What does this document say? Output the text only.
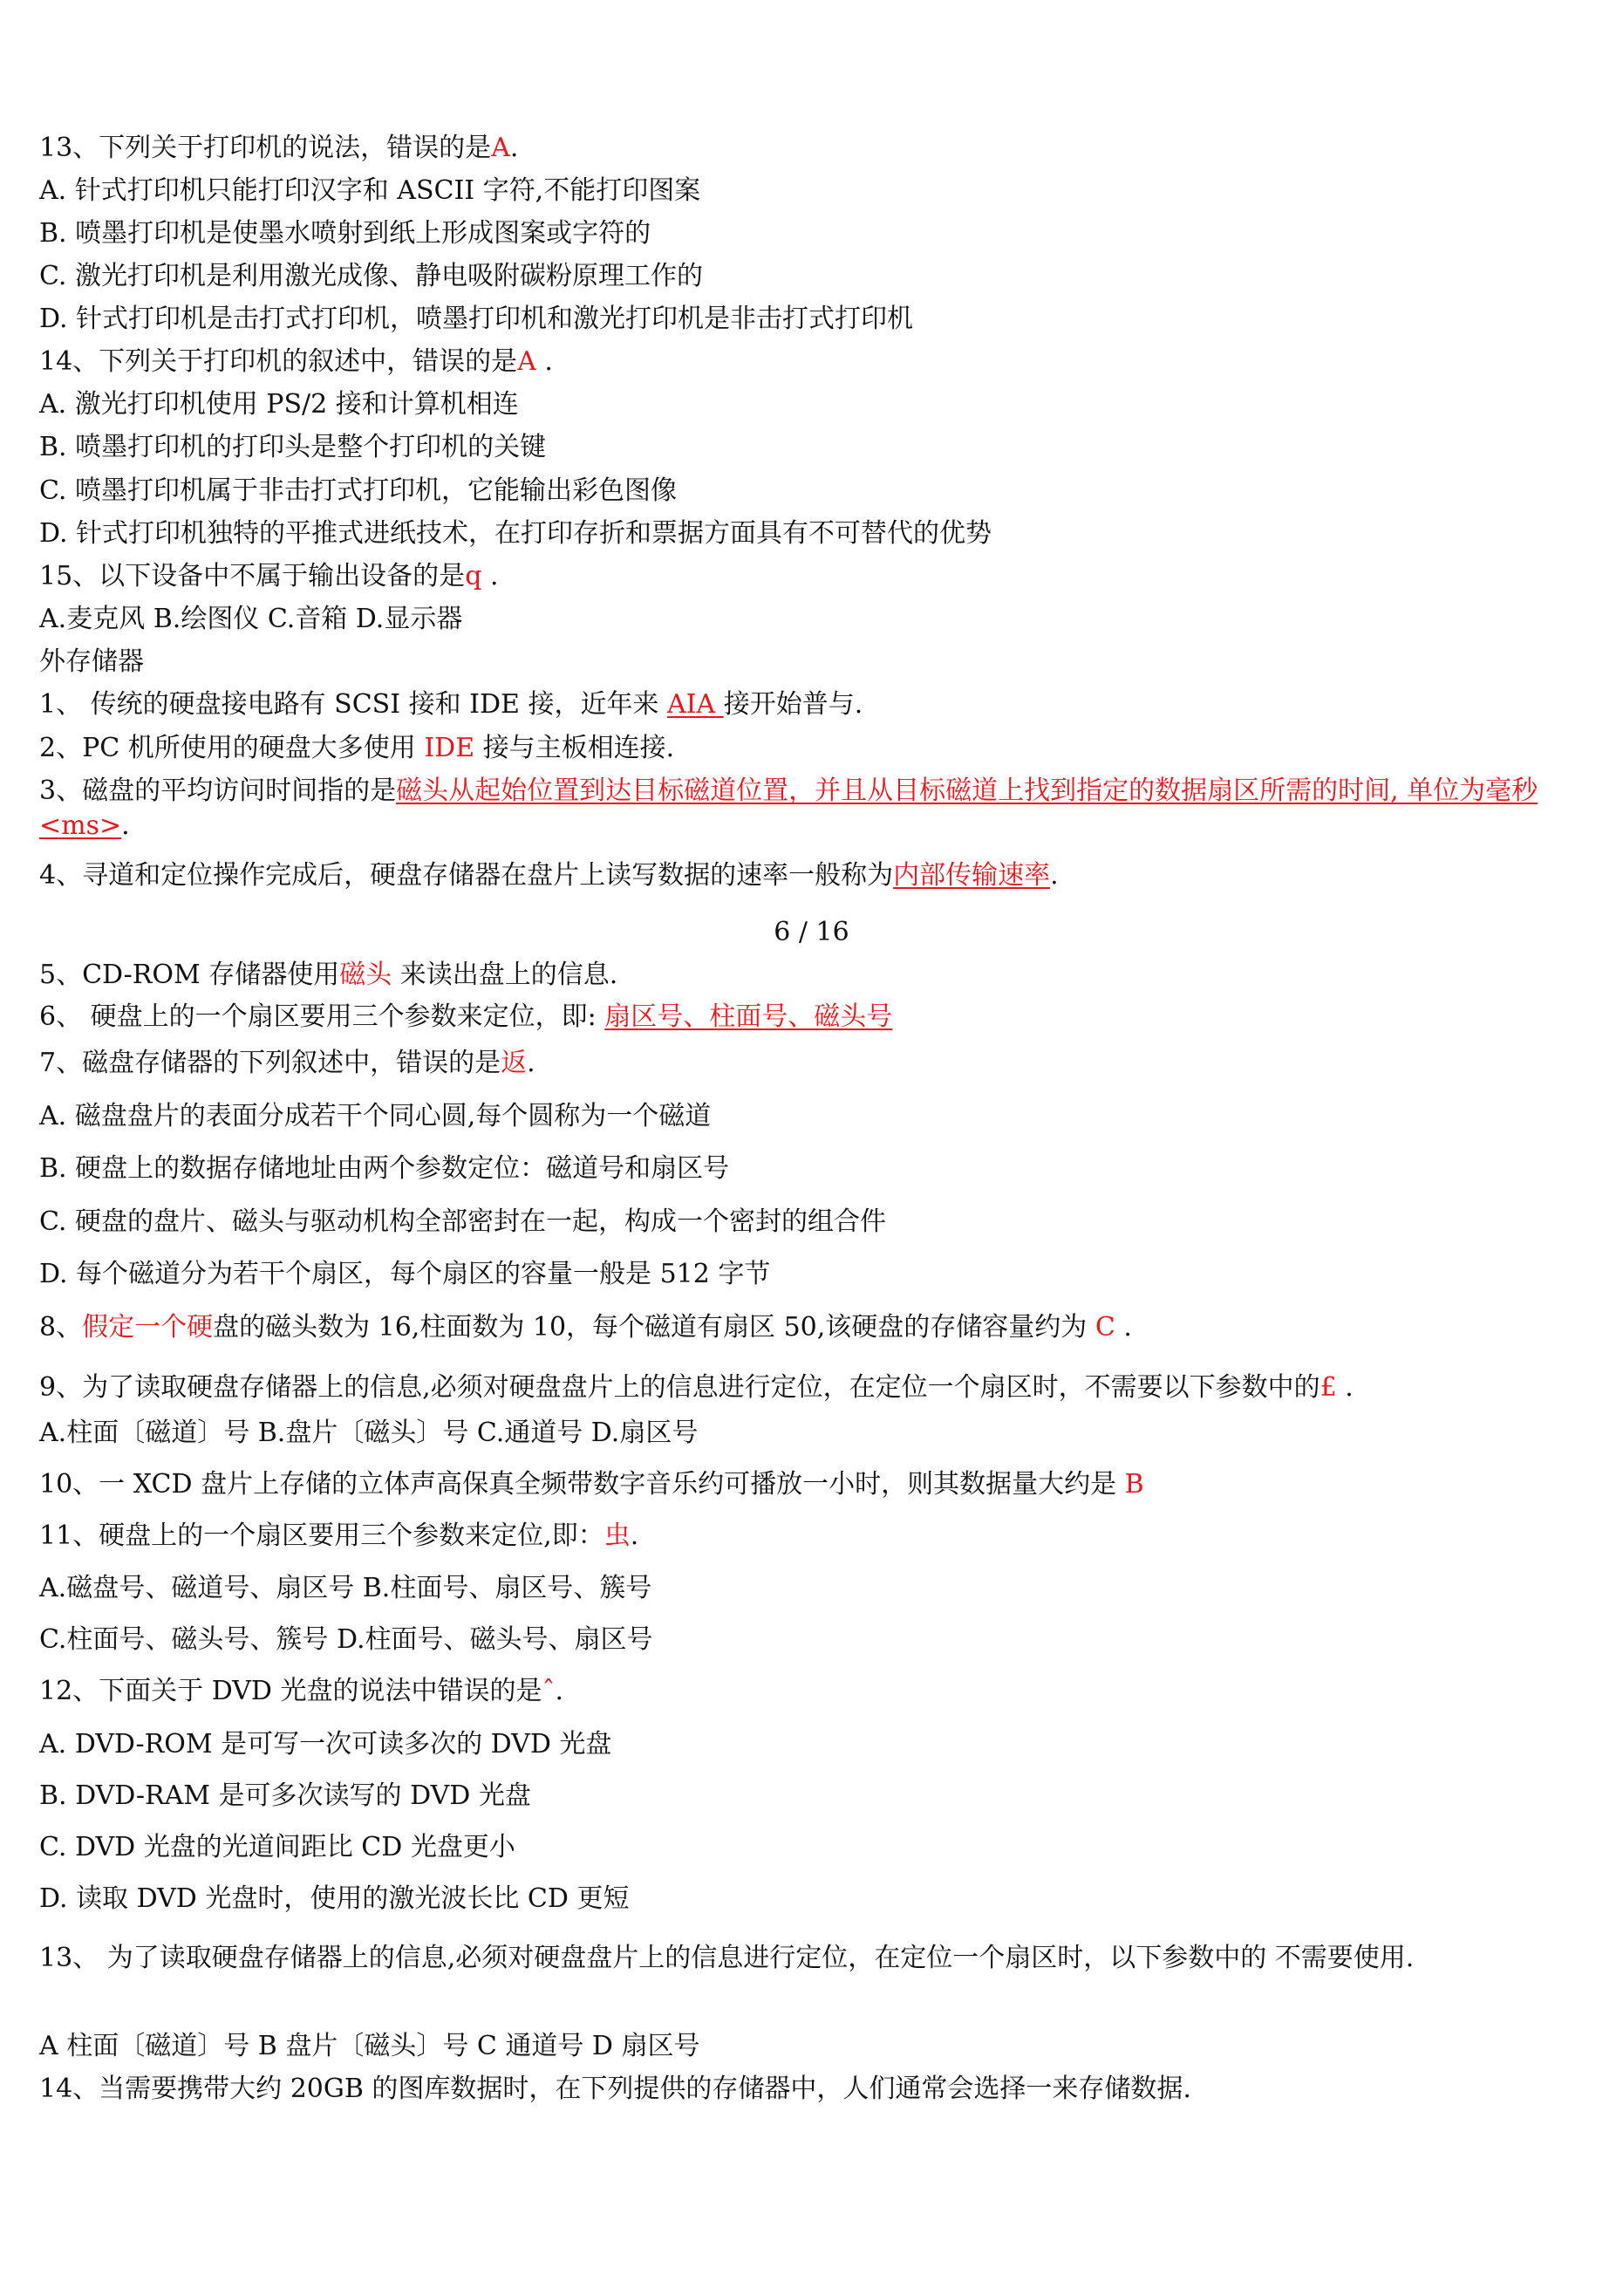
13、下列关于打印机的说法，错误的是A.
A. 针式打印机只能打印汉字和 ASCII 字符,不能打印图案
B. 喷墨打印机是使墨水喷射到纸上形成图案或字符的
C. 激光打印机是利用激光成像、静电吸附碳粉原理工作的
D. 针式打印机是击打式打印机，喷墨打印机和激光打印机是非击打式打印机
14、下列关于打印机的叙述中，错误的是A .
A. 激光打印机使用 PS/2 接和计算机相连
B. 喷墨打印机的打印头是整个打印机的关键
C. 喷墨打印机属于非击打式打印机，它能输出彩色图像
D. 针式打印机独特的平推式进纸技术，在打印存折和票据方面具有不可替代的优势
15、以下设备中不属于输出设备的是q .
A.麦克风 B.绘图仪 C.音箱 D.显示器
外存储器
1、 传统的硬盘接电路有 SCSI 接和 IDE 接，近年来 AIA 接开始普与.
2、PC 机所使用的硬盘大多使用 IDE 接与主板相连接.
3、磁盘的平均访问时间指的是磁头从起始位置到达目标磁道位置，并且从目标磁道上找到指定的数据扇区所需的时间, 单位为毫秒<ms>.
4、寻道和定位操作完成后，硬盘存储器在盘片上读写数据的速率一般称为内部传输速率.
6 / 16
5、CD-ROM 存储器使用磁头 来读出盘上的信息.
6、 硬盘上的一个扇区要用三个参数来定位，即: 扇区号、柱面号、磁头号
7、磁盘存储器的下列叙述中，错误的是返.
A. 磁盘盘片的表面分成若干个同心圆,每个圆称为一个磁道
B. 硬盘上的数据存储地址由两个参数定位：磁道号和扇区号
C. 硬盘的盘片、磁头与驱动机构全部密封在一起，构成一个密封的组合件
D. 每个磁道分为若干个扇区，每个扇区的容量一般是 512 字节
8、假定一个硬盘的磁头数为 16,柱面数为 10，每个磁道有扇区 50,该硬盘的存储容量约为 C .
9、为了读取硬盘存储器上的信息,必须对硬盘盘片上的信息进行定位，在定位一个扇区时，不需要以下参数中的£ .
A.柱面〔磁道〕号 B.盘片〔磁头〕号 C.通道号 D.扇区号
10、一 XCD 盘片上存储的立体声高保真全频带数字音乐约可播放一小时，则其数据量大约是 B
11、硬盘上的一个扇区要用三个参数来定位,即：虫.
A.磁盘号、磁道号、扇区号 B.柱面号、扇区号、簇号
C.柱面号、磁头号、簇号 D.柱面号、磁头号、扇区号
12、下面关于 DVD 光盘的说法中错误的是ˆ.
A. DVD-ROM 是可写一次可读多次的 DVD 光盘
B. DVD-RAM 是可多次读写的 DVD 光盘
C. DVD 光盘的光道间距比 CD 光盘更小
D. 读取 DVD 光盘时，使用的激光波长比 CD 更短
13、 为了读取硬盘存储器上的信息,必须对硬盘盘片上的信息进行定位，在定位一个扇区时，以下参数中的 不需要使用.
A 柱面〔磁道〕号 B 盘片〔磁头〕号 C 通道号 D 扇区号
14、当需要携带大约 20GB 的图库数据时，在下列提供的存储器中，人们通常会选择一来存储数据.
